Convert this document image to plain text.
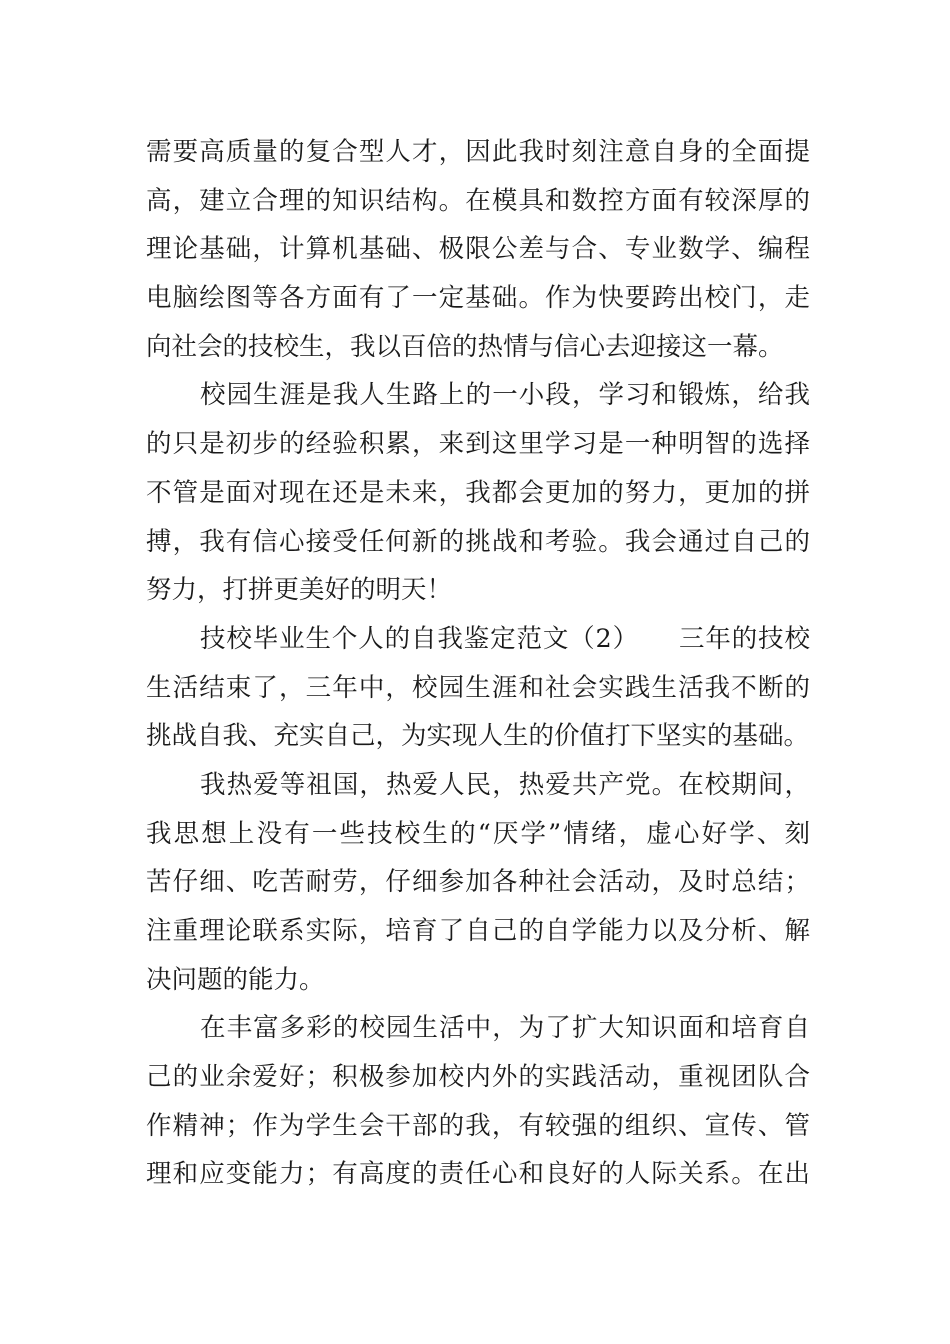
需要高质量的复合型人才，因此我时刻注意自身的全面提
高，建立合理的知识结构。在模具和数控方面有较深厚的
理论基础，计算机基础、极限公差与合、专业数学、编程
电脑绘图等各方面有了一定基础。作为快要跨出校门，走
向社会的技校生，我以百倍的热情与信心去迎接这一幕。
校园生涯是我人生路上的一小段，学习和锻炼，给我
的只是初步的经验积累，来到这里学习是一种明智的选择
不管是面对现在还是未来，我都会更加的努力，更加的拼
搏，我有信心接受任何新的挑战和考验。我会通过自己的
努力，打拼更美好的明天！
技校毕业生个人的自我鉴定范文（2）　　三年的技校
生活结束了，三年中，校园生涯和社会实践生活我不断的
挑战自我、充实自己，为实现人生的价值打下坚实的基础。
我热爱等祖国，热爱人民，热爱共产党。在校期间，
我思想上没有一些技校生的“厌学”情绪，虚心好学、刻
苦仔细、吃苦耐劳，仔细参加各种社会活动，及时总结；
注重理论联系实际，培育了自己的自学能力以及分析、解
决问题的能力。
在丰富多彩的校园生活中，为了扩大知识面和培育自
己的业余爱好；积极参加校内外的实践活动，重视团队合
作精神；作为学生会干部的我，有较强的组织、宣传、管
理和应变能力；有高度的责任心和良好的人际关系。在出
